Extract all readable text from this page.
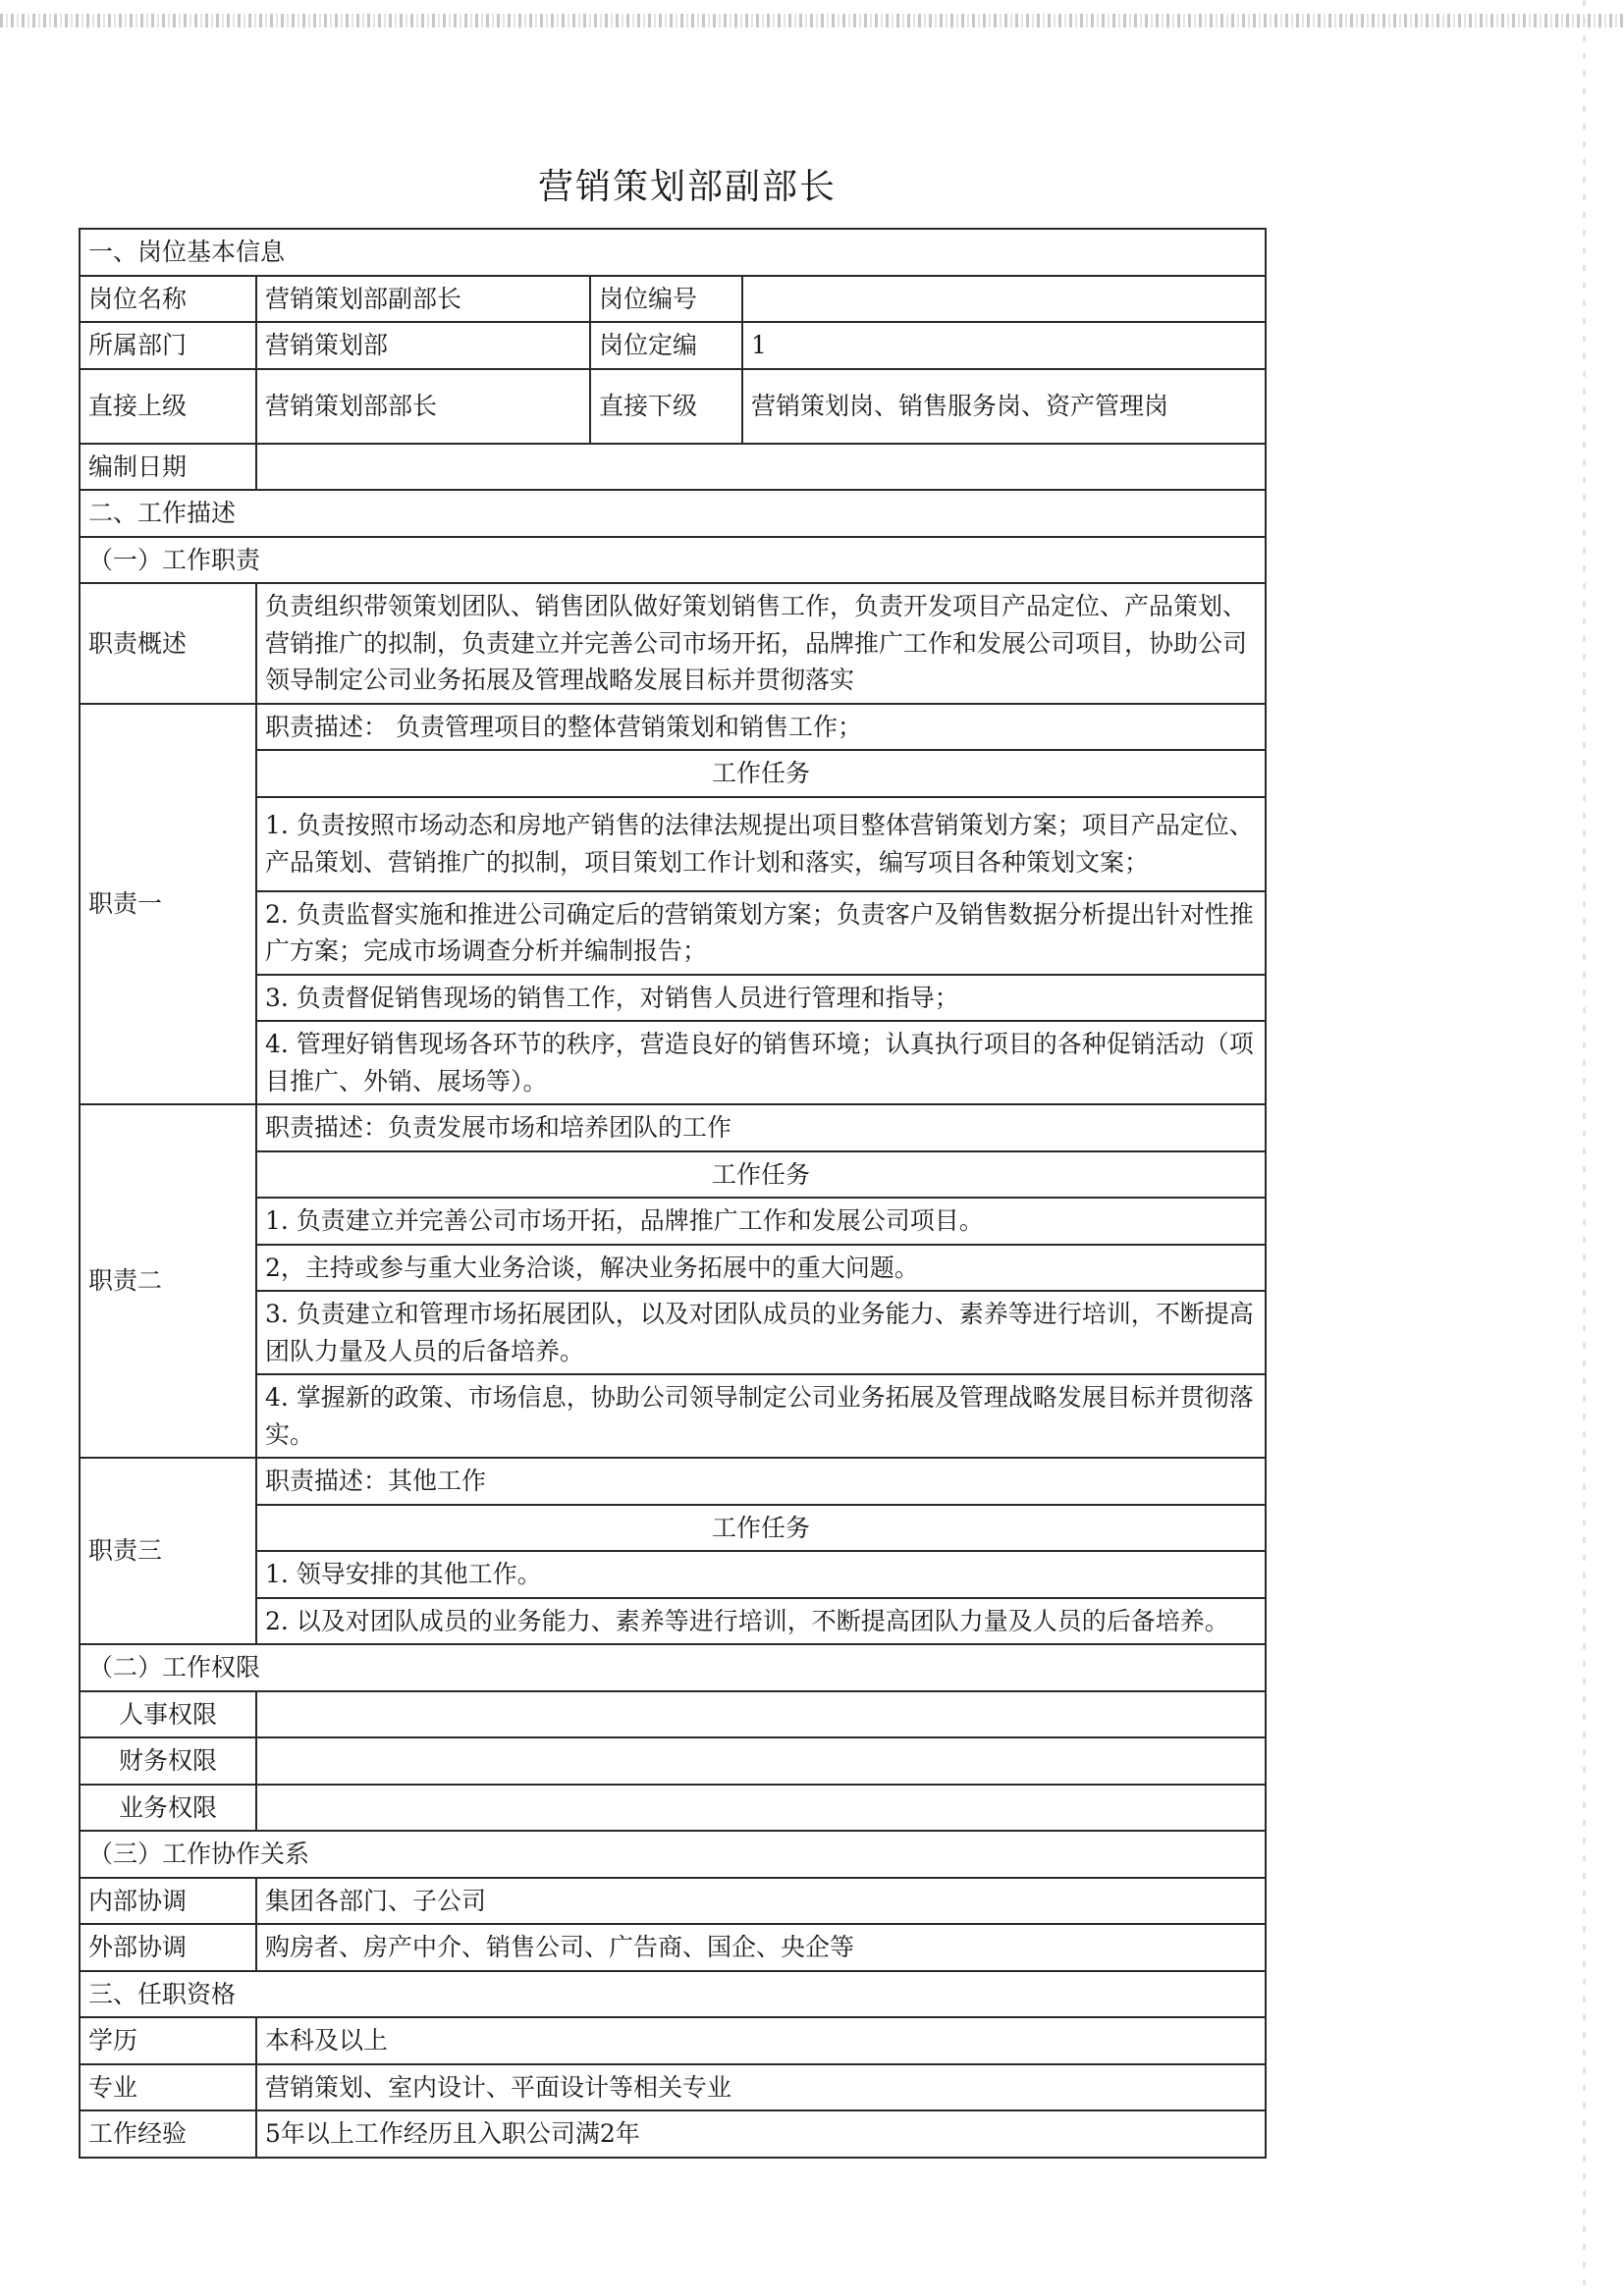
营销策划部副部长
一、岗位基本信息			
岗位名称	营销策划部副部长	岗位编号	
所属部门	营销策划部	岗位定编	1
直接上级	营销策划部部长	直接下级	营销策划岗、销售服务岗、资产管理岗
编制日期			
二、工作描述			
（一）工作职责			
职责概述	负责组织带领策划团队、销售团队做好策划销售工作，负责开发项目产品定位、产品策划、营销推广的拟制，负责建立并完善公司市场开拓，品牌推广工作和发展公司项目，协助公司领导制定公司业务拓展及管理战略发展目标并贯彻落实		
职责一	职责描述： 负责管理项目的整体营销策划和销售工作；		
	工作任务		
	1. 负责按照市场动态和房地产销售的法律法规提出项目整体营销策划方案；项目产品定位、产品策划、营销推广的拟制，项目策划工作计划和落实，编写项目各种策划文案；		
	2. 负责监督实施和推进公司确定后的营销策划方案；负责客户及销售数据分析提出针对性推广方案；完成市场调查分析并编制报告；		
	3. 负责督促销售现场的销售工作，对销售人员进行管理和指导；		
	4. 管理好销售现场各环节的秩序，营造良好的销售环境；认真执行项目的各种促销活动（项目推广、外销、展场等）。		
职责二	职责描述：负责发展市场和培养团队的工作		
	工作任务		
	1. 负责建立并完善公司市场开拓，品牌推广工作和发展公司项目。		
	2，主持或参与重大业务洽谈，解决业务拓展中的重大问题。		
	3. 负责建立和管理市场拓展团队，以及对团队成员的业务能力、素养等进行培训，不断提高团队力量及人员的后备培养。		
	4. 掌握新的政策、市场信息，协助公司领导制定公司业务拓展及管理战略发展目标并贯彻落实。		
职责三	职责描述：其他工作		
	工作任务		
	1. 领导安排的其他工作。		
	2. 以及对团队成员的业务能力、素养等进行培训，不断提高团队力量及人员的后备培养。		
（二）工作权限			
人事权限			
财务权限			
业务权限			
（三）工作协作关系			
内部协调	集团各部门、子公司		
外部协调	购房者、房产中介、销售公司、广告商、国企、央企等		
三、任职资格			
学历	本科及以上		
专业	营销策划、室内设计、平面设计等相关专业		
工作经验	5年以上工作经历且入职公司满2年		
